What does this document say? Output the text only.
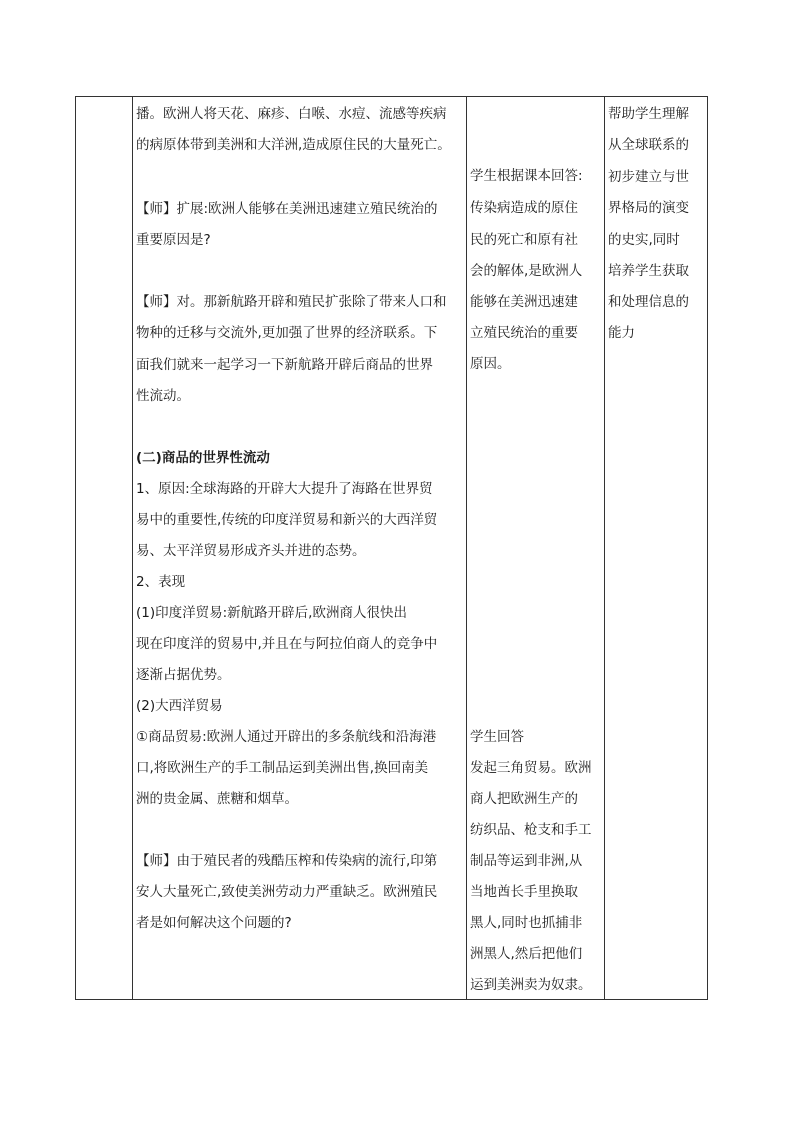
播。欧洲人将天花、麻疹、白喉、水痘、流感等疾病
的病原体带到美洲和大洋洲,造成原住民的大量死亡。
【师】扩展:欧洲人能够在美洲迅速建立殖民统治的
重要原因是?
【师】对。那新航路开辟和殖民扩张除了带来人口和
物种的迁移与交流外,更加强了世界的经济联系。下
面我们就来一起学习一下新航路开辟后商品的世界
性流动。
(二)商品的世界性流动
1、原因:全球海路的开辟大大提升了海路在世界贸
易中的重要性,传统的印度洋贸易和新兴的大西洋贸
易、太平洋贸易形成齐头并进的态势。
2、表现
(1)印度洋贸易:新航路开辟后,欧洲商人很快出
现在印度洋的贸易中,并且在与阿拉伯商人的竞争中
逐渐占据优势。
(2)大西洋贸易
①商品贸易:欧洲人通过开辟出的多条航线和沿海港
口,将欧洲生产的手工制品运到美洲出售,换回南美
洲的贵金属、蔗糖和烟草。
【师】由于殖民者的残酷压榨和传染病的流行,印第
安人大量死亡,致使美洲劳动力严重缺乏。欧洲殖民
者是如何解决这个问题的?
学生根据课本回答:
传染病造成的原住
民的死亡和原有社
会的解体,是欧洲人
能够在美洲迅速建
立殖民统治的重要
原因。
学生回答
发起三角贸易。欧洲
商人把欧洲生产的
纺织品、枪支和手工
制品等运到非洲,从
当地酋长手里换取
黑人,同时也抓捕非
洲黑人,然后把他们
运到美洲卖为奴隶。
帮助学生理解
从全球联系的
初步建立与世
界格局的演变
的史实,同时
培养学生获取
和处理信息的
能力
